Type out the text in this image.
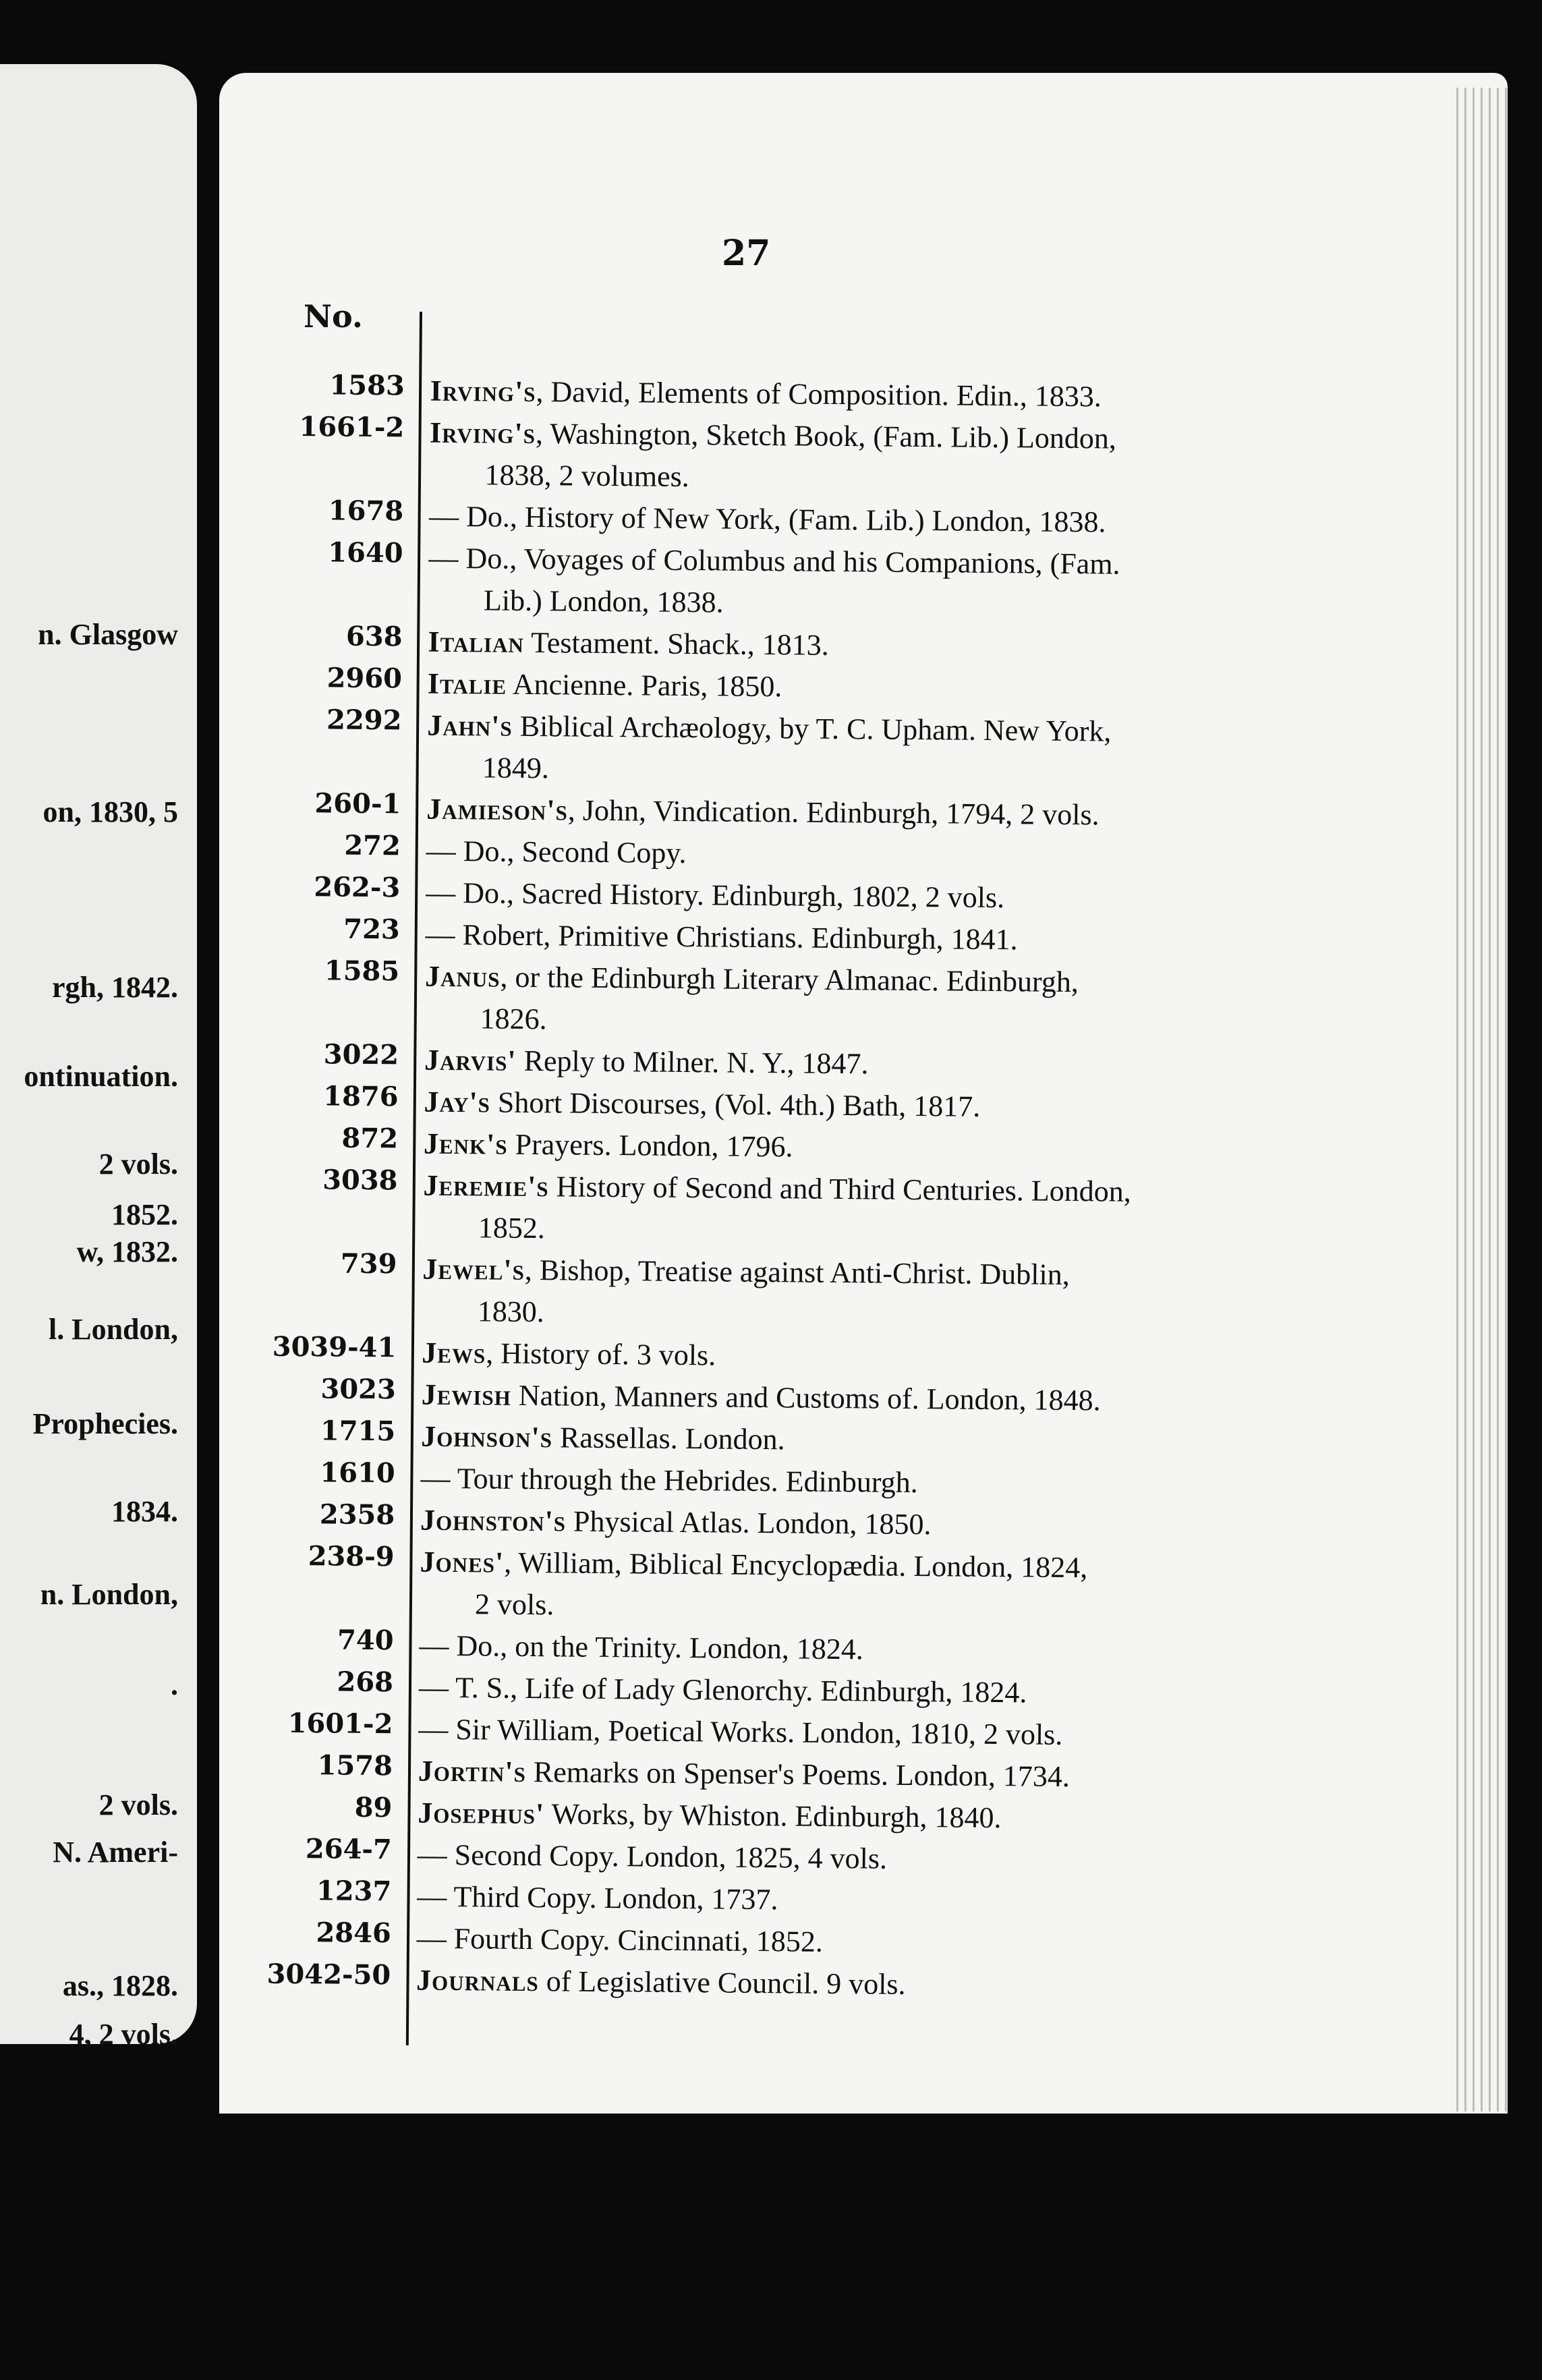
n. Glasgow
on, 1830, 5
rgh, 1842.
ontinuation.
2 vols.
1852.
w, 1832.
l. London,
Prophecies.
1834.
n. London,
.
2 vols.
N. Ameri-
as., 1828.
4, 2 vols.
27
No.
1583 Irving's, David, Elements of Composition. Edin., 1833.
1661-2 Irving's, Washington, Sketch Book, (Fam. Lib.) London,
1838, 2 volumes.
1678 — Do., History of New York, (Fam. Lib.) London, 1838.
1640 — Do., Voyages of Columbus and his Companions, (Fam.
Lib.) London, 1838.
638 Italian Testament. Shack., 1813.
2960 Italie Ancienne. Paris, 1850.
2292 Jahn's Biblical Archæology, by T. C. Upham. New York,
1849.
260-1 Jamieson's, John, Vindication. Edinburgh, 1794, 2 vols.
272 — Do., Second Copy.
262-3 — Do., Sacred History. Edinburgh, 1802, 2 vols.
723 — Robert, Primitive Christians. Edinburgh, 1841.
1585 Janus, or the Edinburgh Literary Almanac. Edinburgh,
1826.
3022 Jarvis' Reply to Milner. N. Y., 1847.
1876 Jay's Short Discourses, (Vol. 4th.) Bath, 1817.
872 Jenk's Prayers. London, 1796.
3038 Jeremie's History of Second and Third Centuries. London,
1852.
739 Jewel's, Bishop, Treatise against Anti-Christ. Dublin,
1830.
3039-41 Jews, History of. 3 vols.
3023 Jewish Nation, Manners and Customs of. London, 1848.
1715 Johnson's Rassellas. London.
1610 — Tour through the Hebrides. Edinburgh.
2358 Johnston's Physical Atlas. London, 1850.
238-9 Jones', William, Biblical Encyclopædia. London, 1824,
2 vols.
740 — Do., on the Trinity. London, 1824.
268 — T. S., Life of Lady Glenorchy. Edinburgh, 1824.
1601-2 — Sir William, Poetical Works. London, 1810, 2 vols.
1578 Jortin's Remarks on Spenser's Poems. London, 1734.
89 Josephus' Works, by Whiston. Edinburgh, 1840.
264-7 — Second Copy. London, 1825, 4 vols.
1237 — Third Copy. London, 1737.
2846 — Fourth Copy. Cincinnati, 1852.
3042-50 Journals of Legislative Council. 9 vols.
